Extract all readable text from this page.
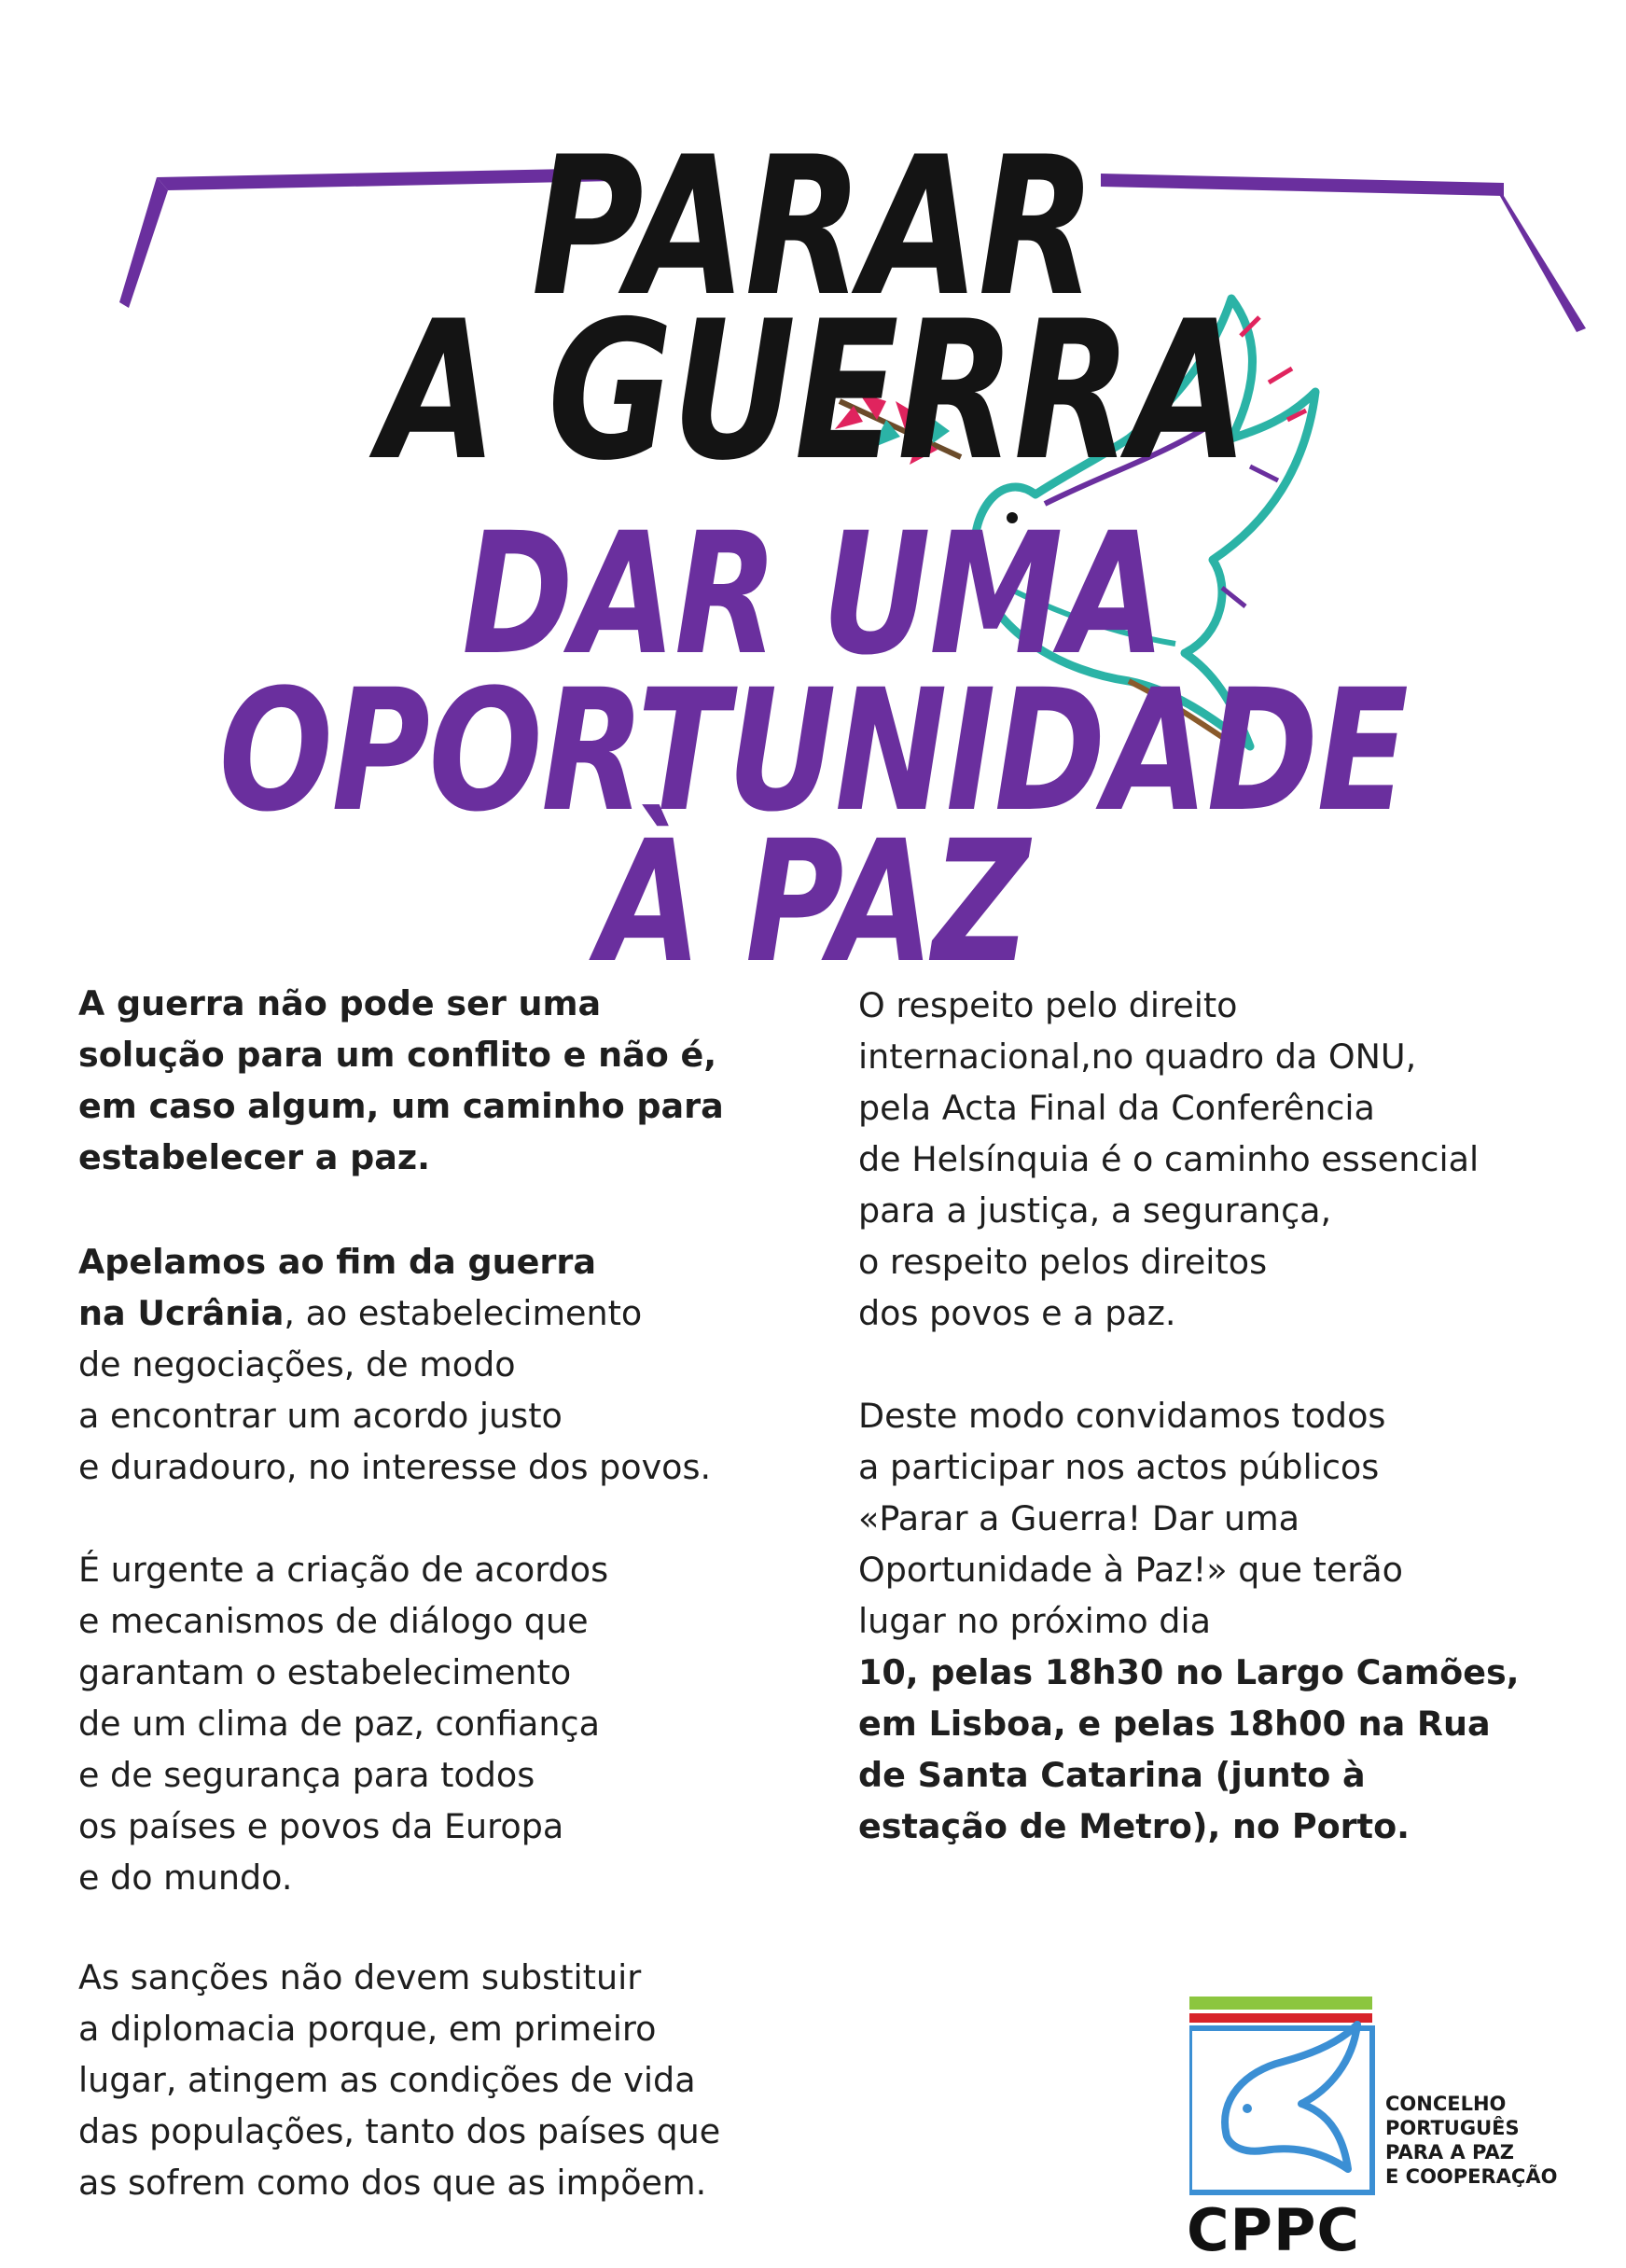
PARAR
A GUERRA
DAR UMA
OPORTUNIDADE
À PAZ

A guerra não pode ser uma
solução para um conflito e não é,
em caso algum, um caminho para
estabelecer a paz.

Apelamos ao fim da guerra
na Ucrânia, ao estabelecimento
de negociações, de modo
a encontrar um acordo justo
e duradouro, no interesse dos povos.

É urgente a criação de acordos
e mecanismos de diálogo que
garantam o estabelecimento
de um clima de paz, confiança
e de segurança para todos
os países e povos da Europa
e do mundo.

As sanções não devem substituir
a diplomacia porque, em primeiro
lugar, atingem as condições de vida
das populações, tanto dos países que
as sofrem como dos que as impõem.

O respeito pelo direito
internacional,no quadro da ONU,
pela Acta Final da Conferência
de Helsínquia é o caminho essencial
para a justiça, a segurança,
o respeito pelos direitos
dos povos e a paz.

Deste modo convidamos todos
a participar nos actos públicos
«Parar a Guerra! Dar uma
Oportunidade à Paz!» que terão
lugar no próximo dia

10, pelas 18h30 no Largo Camões,
em Lisboa, e pelas 18h00 na Rua
de Santa Catarina (junto à
estação de Metro), no Porto.

CPPC
CONCELHO
PORTUGUÊS
PARA A PAZ
E COOPERAÇÃO
